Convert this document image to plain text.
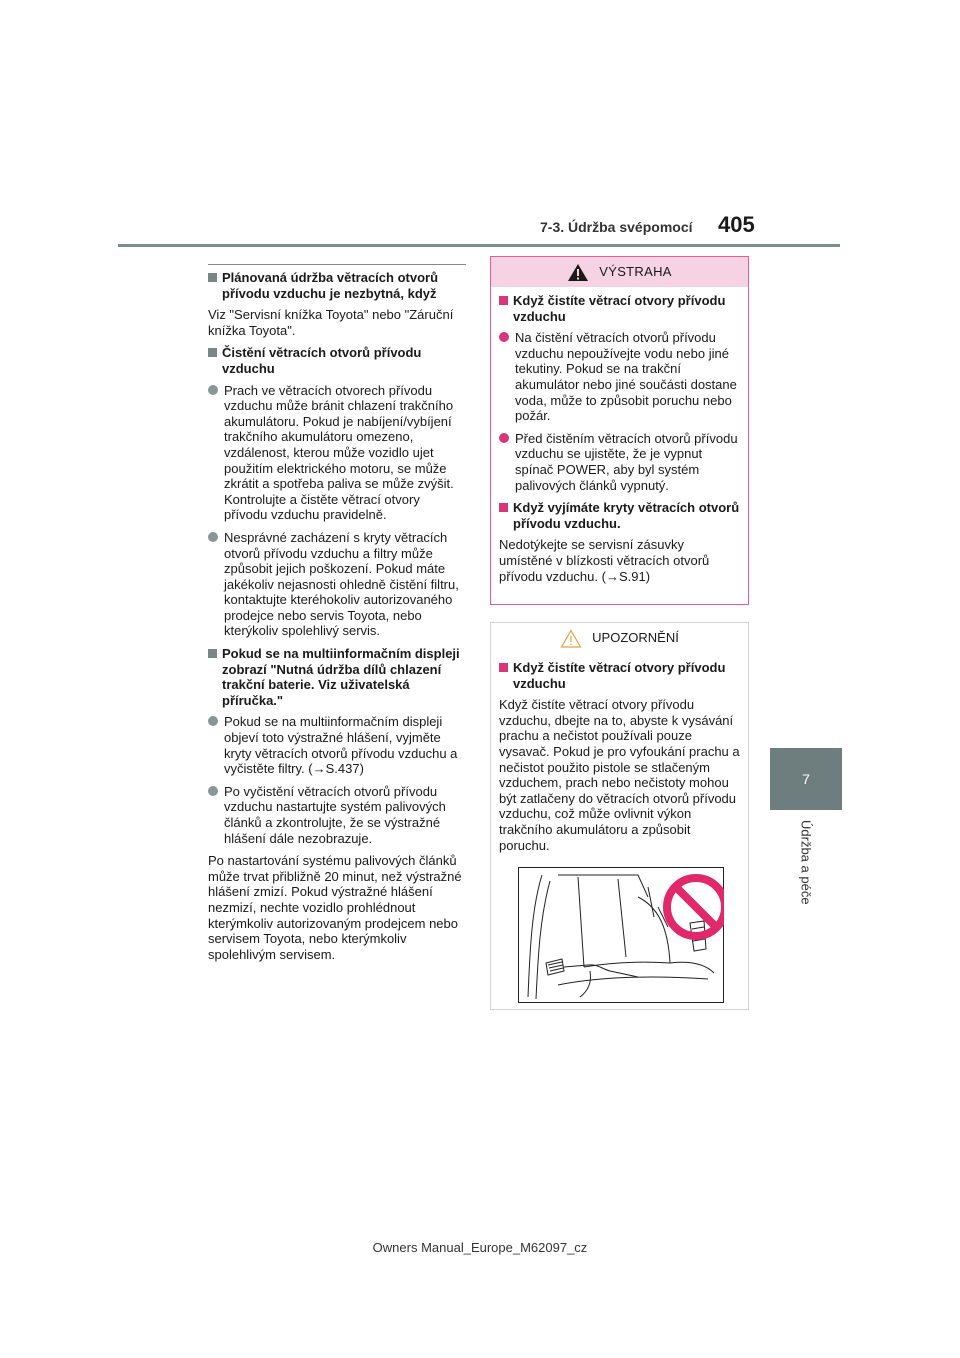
7-3. Údržba svépomocí	405
7
Údržba a péče
Plánovaná údržba větracích otvorů přívodu vzduchu je nezbytná, když

Viz "Servisní knížka Toyota" nebo "Záruční knížka Toyota".

Čistění větracích otvorů přívodu vzduchu
Prach ve větracích otvorech přívodu vzduchu může bránit chlazení trakčního akumulátoru. Pokud je nabíjení/vybíjení trakčního akumulátoru omezeno, vzdálenost, kterou může vozidlo ujet použitím elektrického motoru, se může zkrátit a spotřeba paliva se může zvýšit. Kontrolujte a čistěte větrací otvory přívodu vzduchu pravidelně.
Nesprávné zacházení s kryty větracích otvorů přívodu vzduchu a filtry může způsobit jejich poškození. Pokud máte jakékoliv nejasnosti ohledně čistění filtru, kontaktujte kteréhokoliv autorizovaného prodejce nebo servis Toyota, nebo kterýkoliv spolehlivý servis.
Pokud se na multiinformačním displeji zobrazí "Nutná údržba dílů chlazení trakční baterie. Viz uživatelská příručka."
Pokud se na multiinformačním displeji objeví toto výstražné hlášení, vyjměte kryty větracích otvorů přívodu vzduchu a vyčistěte filtry. (→S.437)
Po vyčistění větracích otvorů přívodu vzduchu nastartujte systém palivových článků a zkontrolujte, že se výstražné hlášení dále nezobrazuje.

Po nastartování systému palivových článků může trvat přibližně 20 minut, než výstražné hlášení zmizí. Pokud výstražné hlášení nezmizí, nechte vozidlo prohlédnout kterýmkoliv autorizovaným prodejcem nebo servisem Toyota, nebo kterýmkoliv spolehlivým servisem.

VÝSTRAHA
Když čistíte větrací otvory přívodu vzduchu
Na čistění větracích otvorů přívodu vzduchu nepoužívejte vodu nebo jiné tekutiny. Pokud se na trakční akumulátor nebo jiné součásti dostane voda, může to způsobit poruchu nebo požár.
Před čistěním větracích otvorů přívodu vzduchu se ujistěte, že je vypnut spínač POWER, aby byl systém palivových článků vypnutý.
Když vyjímáte kryty větracích otvorů přívodu vzduchu.

Nedotýkejte se servisní zásuvky umístěné v blízkosti větracích otvorů přívodu vzduchu. (→S.91)

UPOZORNĚNÍ
Když čistíte větrací otvory přívodu vzduchu

Když čistíte větrací otvory přívodu vzduchu, dbejte na to, abyste k vysávání prachu a nečistot používali pouze vysavač. Pokud je pro vyfoukání prachu a nečistot použito pistole se stlačeným vzduchem, prach nebo nečistoty mohou být zatlačeny do větracích otvorů přívodu vzduchu, což může ovlivnit výkon trakčního akumulátoru a způsobit poruchu.

Owners Manual_Europe_M62097_cz
